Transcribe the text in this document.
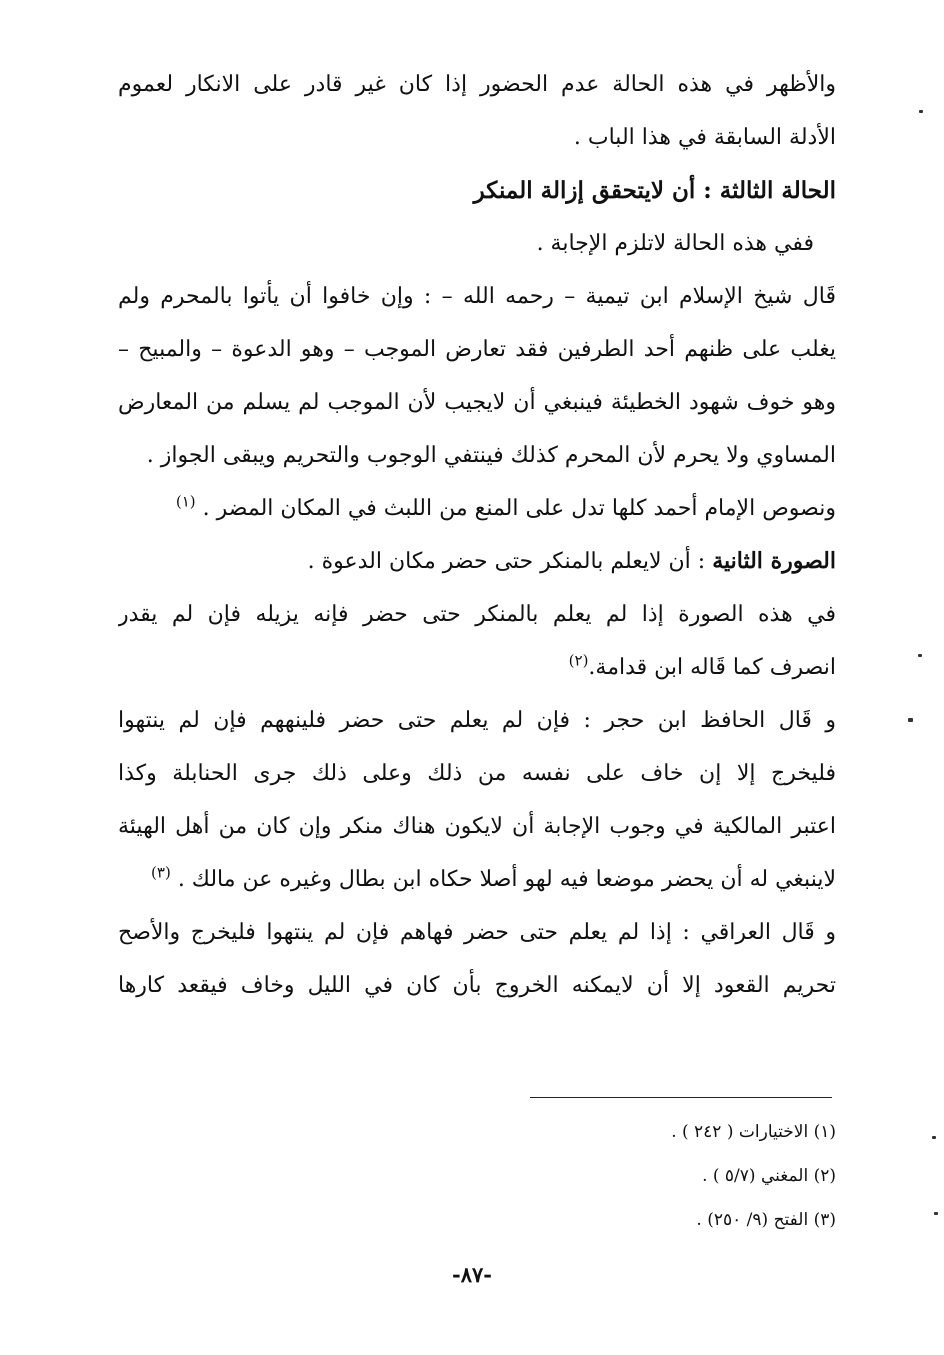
والأظهر في هذه الحالة عدم الحضور إذا كان غير قادر على الانكار لعموم
الأدلة السابقة في هذا الباب .
الحالة الثالثة : أن لايتحقق إزالة المنكر
ففي هذه الحالة لاتلزم الإجابة .
قَال شيخ الإسلام ابن تيمية – رحمه الله – : وإن خافوا أن يأتوا بالمحرم ولم
يغلب على ظنهم أحد الطرفين فقد تعارض الموجب – وهو الدعوة – والمبيح –
وهو خوف شهود الخطيئة فينبغي أن لايجيب لأن الموجب لم يسلم من المعارض
المساوي ولا يحرم لأن المحرم كذلك فينتفي الوجوب والتحريم ويبقى الجواز .
ونصوص الإمام أحمد كلها تدل على المنع من اللبث في المكان المضر . $^{(١)}$
الصورة الثانية : أن لايعلم بالمنكر حتى حضر مكان الدعوة .
في هذه الصورة إذا لم يعلم بالمنكر حتى حضر فإنه يزيله فإن لم يقدر
انصرف كما قَاله ابن قدامة.$^{(٢)}$
و قَال الحافظ ابن حجر : فإن لم يعلم حتى حضر فلينههم فإن لم ينتهوا
فليخرج إلا إن خاف على نفسه من ذلك وعلى ذلك جرى الحنابلة وكذا
اعتبر المالكية في وجوب الإجابة أن لايكون هناك منكر وإن كان من أهل الهيئة
لاينبغي له أن يحضر موضعا فيه لهو أصلا حكاه ابن بطال وغيره عن مالك . $^{(٣)}$
و قَال العراقي : إذا لم يعلم حتى حضر فهاهم فإن لم ينتهوا فليخرج والأصح
تحريم القعود إلا أن لايمكنه الخروج بأن كان في الليل وخاف فيقعد كارها
(١) الاختيارات ( ٢٤٢ ) .
(٢) المغني (٥/٧ ) .
(٣) الفتح (٩/ ٢٥٠) .
-٨٧-
